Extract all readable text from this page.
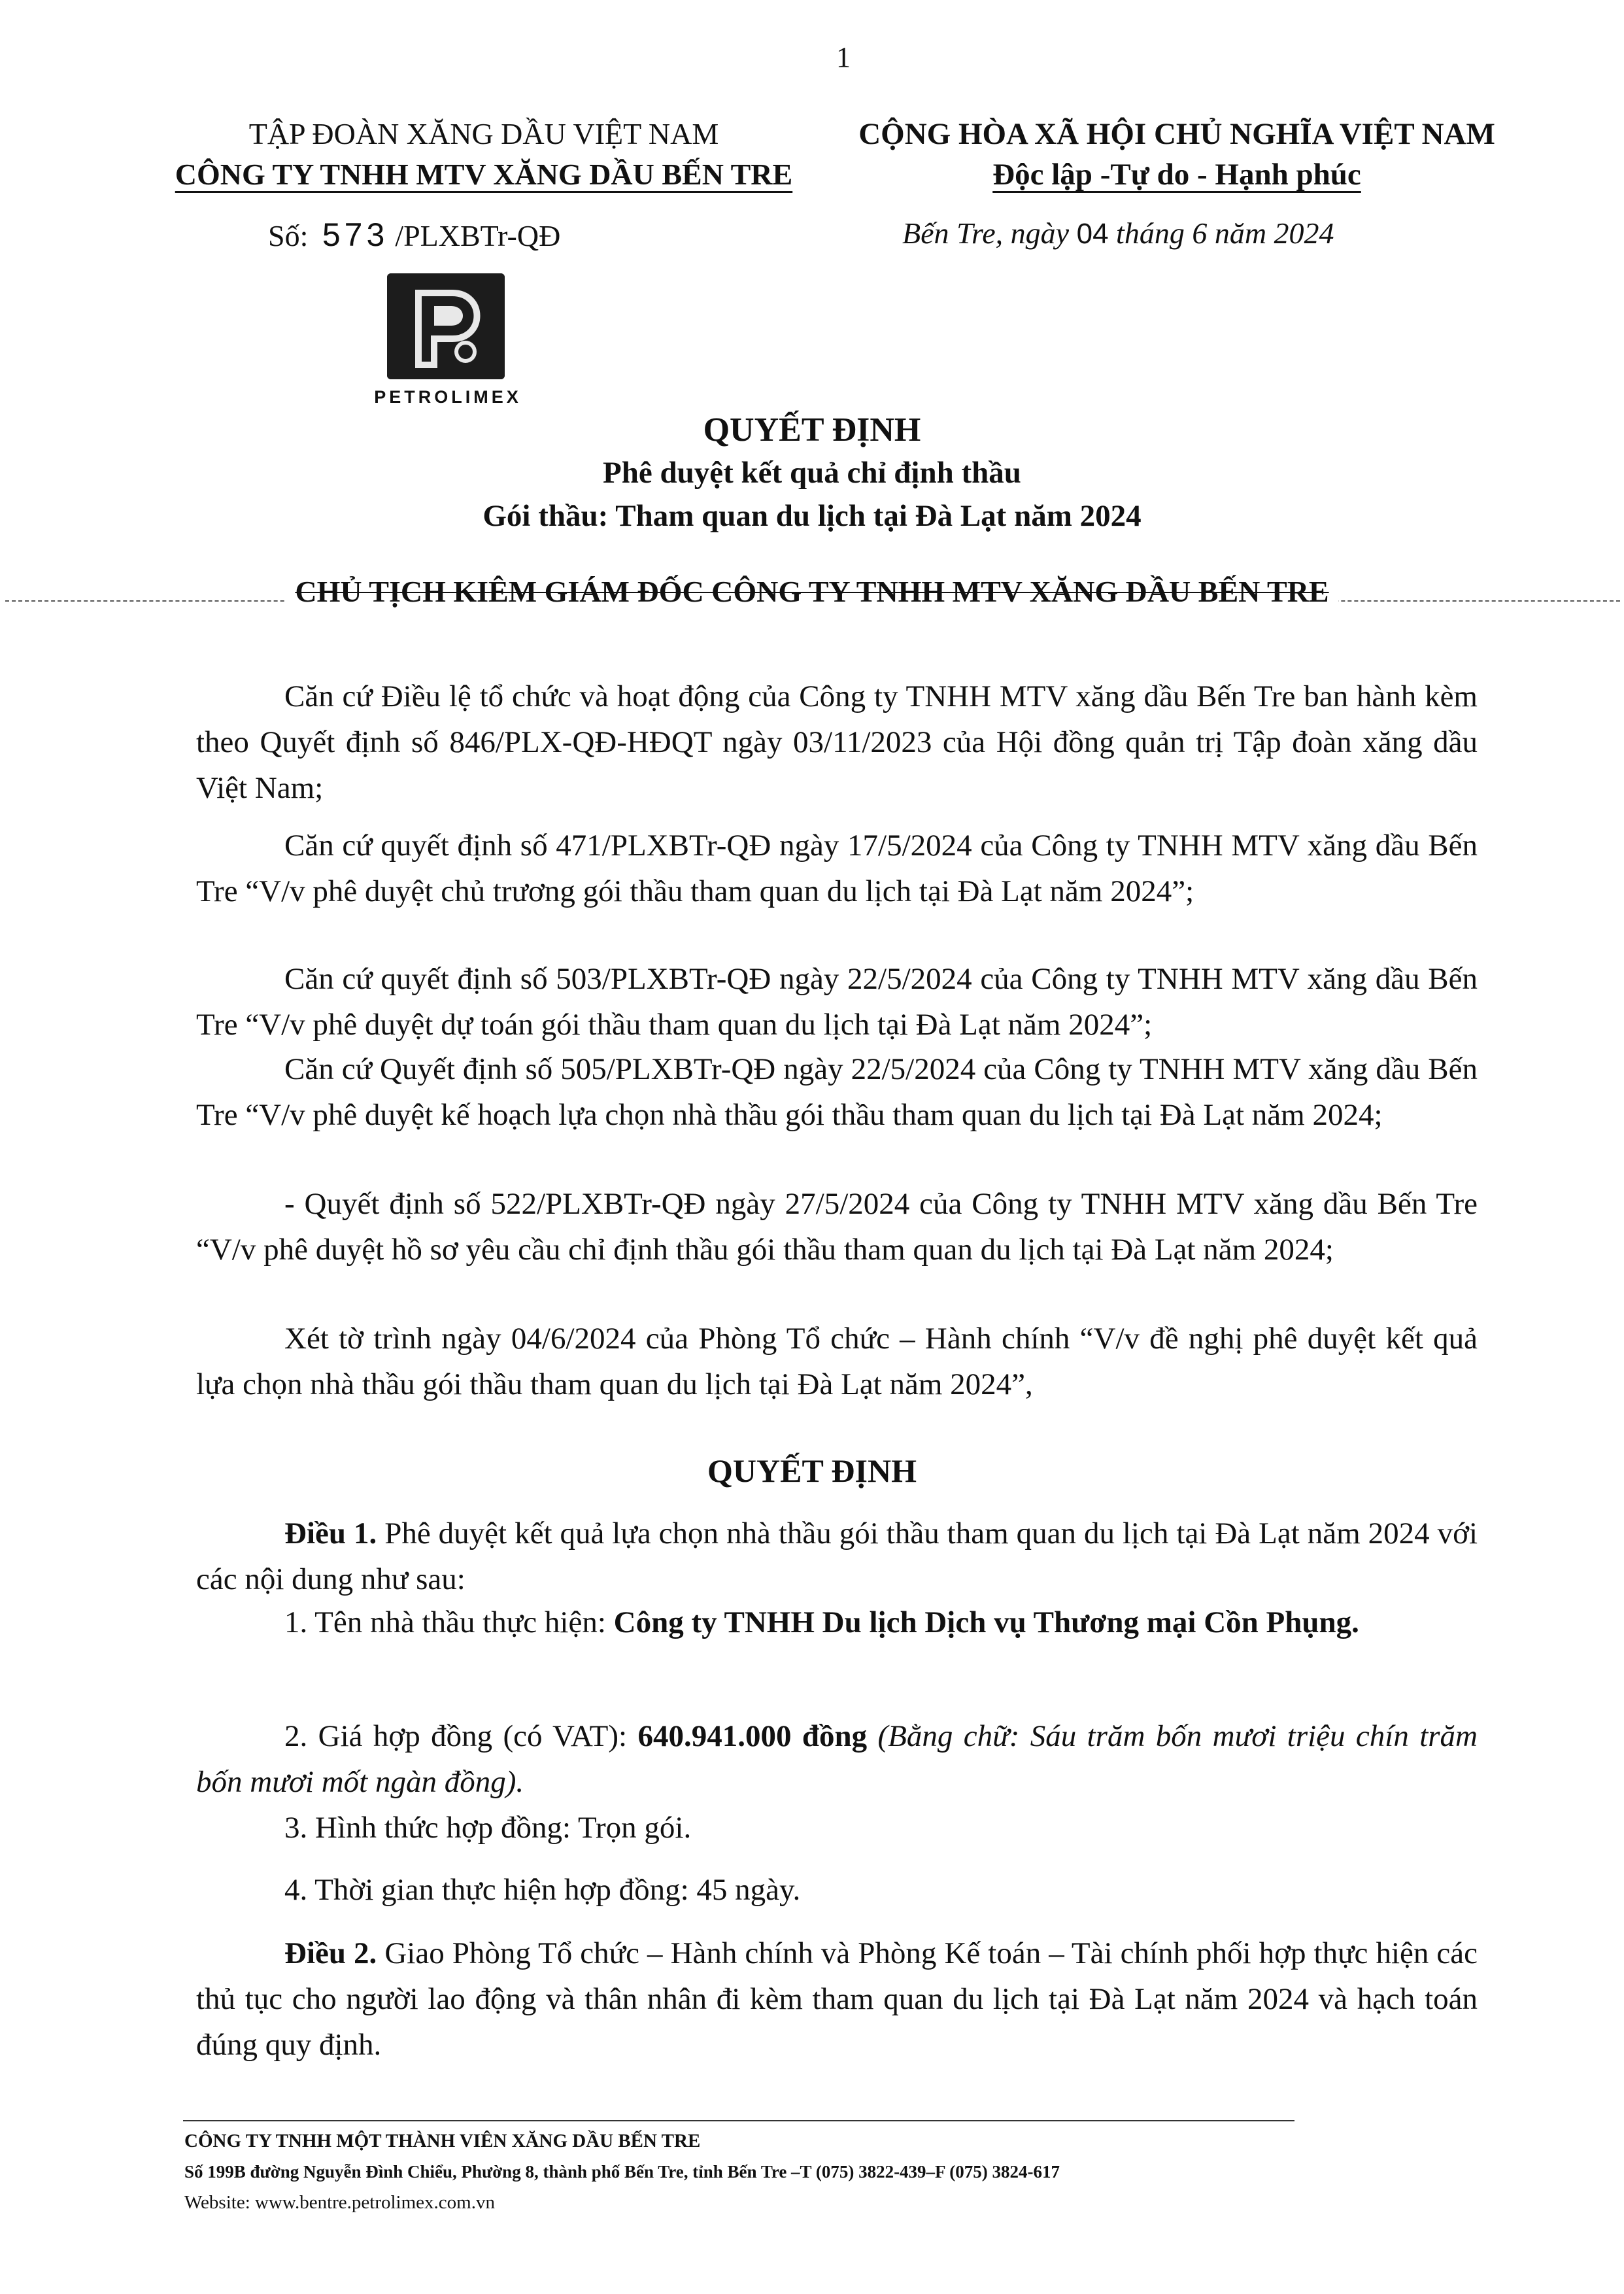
1
TẬP ĐOÀN XĂNG DẦU VIỆT NAM
CÔNG TY TNHH MTV XĂNG DẦU BẾN TRE
CỘNG HÒA XÃ HỘI CHỦ NGHĨA VIỆT NAM
Độc lập -Tự do - Hạnh phúc
Số: 573 /PLXBTr-QĐ	Bến Tre, ngày 04 tháng 6 năm 2024
PETROLIMEX
QUYẾT ĐỊNH
Phê duyệt kết quả chỉ định thầu
Gói thầu: Tham quan du lịch tại Đà Lạt năm 2024
CHỦ TỊCH KIÊM GIÁM ĐỐC CÔNG TY TNHH MTV XĂNG DẦU BẾN TRE

Căn cứ Điều lệ tổ chức và hoạt động của Công ty TNHH MTV xăng dầu Bến Tre ban hành kèm theo Quyết định số 846/PLX-QĐ-HĐQT ngày 03/11/2023 của Hội đồng quản trị Tập đoàn xăng dầu Việt Nam;

Căn cứ quyết định số 471/PLXBTr-QĐ ngày 17/5/2024 của Công ty TNHH MTV xăng dầu Bến Tre “V/v phê duyệt chủ trương gói thầu tham quan du lịch tại Đà Lạt năm 2024”;

Căn cứ quyết định số 503/PLXBTr-QĐ ngày 22/5/2024 của Công ty TNHH MTV xăng dầu Bến Tre “V/v phê duyệt dự toán gói thầu tham quan du lịch tại Đà Lạt năm 2024”;

Căn cứ Quyết định số 505/PLXBTr-QĐ ngày 22/5/2024 của Công ty TNHH MTV xăng dầu Bến Tre “V/v phê duyệt kế hoạch lựa chọn nhà thầu gói thầu tham quan du lịch tại Đà Lạt năm 2024;

- Quyết định số 522/PLXBTr-QĐ ngày 27/5/2024 của Công ty TNHH MTV xăng dầu Bến Tre “V/v phê duyệt hồ sơ yêu cầu chỉ định thầu gói thầu tham quan du lịch tại Đà Lạt năm 2024;

Xét tờ trình ngày 04/6/2024 của Phòng Tổ chức – Hành chính “V/v đề nghị phê duyệt kết quả lựa chọn nhà thầu gói thầu tham quan du lịch tại Đà Lạt năm 2024”,

QUYẾT ĐỊNH

Điều 1. Phê duyệt kết quả lựa chọn nhà thầu gói thầu tham quan du lịch tại Đà Lạt năm 2024 với các nội dung như sau:

1. Tên nhà thầu thực hiện: Công ty TNHH Du lịch Dịch vụ Thương mại Cồn Phụng.

2. Giá hợp đồng (có VAT): 640.941.000 đồng (Bằng chữ: Sáu trăm bốn mươi triệu chín trăm bốn mươi mốt ngàn đồng).

3. Hình thức hợp đồng: Trọn gói.

4. Thời gian thực hiện hợp đồng: 45 ngày.

Điều 2. Giao Phòng Tổ chức – Hành chính và Phòng Kế toán – Tài chính phối hợp thực hiện các thủ tục cho người lao động và thân nhân đi kèm tham quan du lịch tại Đà Lạt năm 2024 và hạch toán đúng quy định.

CÔNG TY TNHH MỘT THÀNH VIÊN XĂNG DẦU BẾN TRE
Số 199B đường Nguyễn Đình Chiểu, Phường 8, thành phố Bến Tre, tỉnh Bến Tre –T (075) 3822-439–F (075) 3824-617
Website: www.bentre.petrolimex.com.vn
